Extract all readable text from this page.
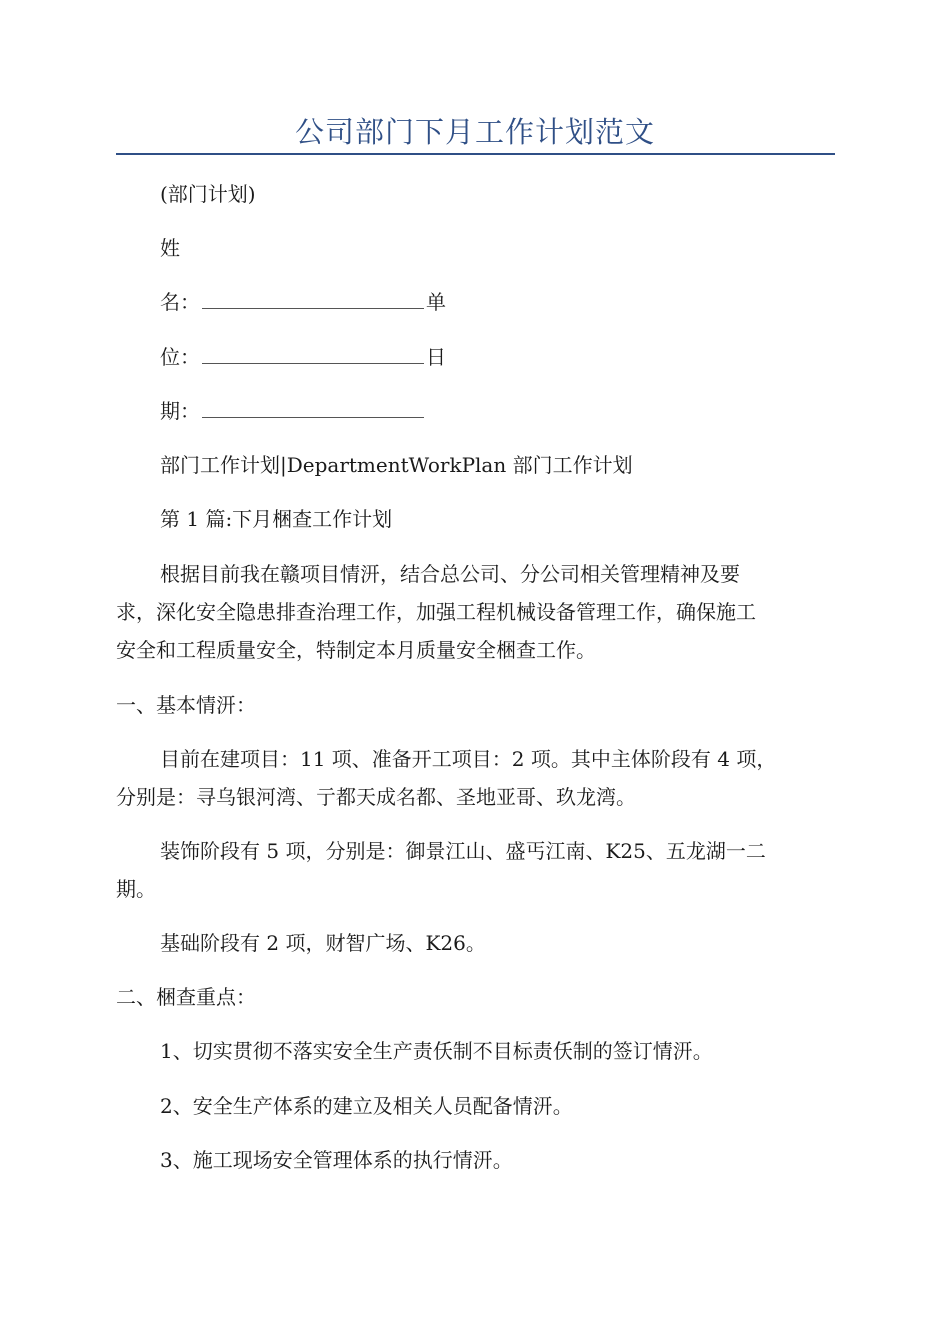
公司部门下月工作计划范文

(部门计划)

姓

名：	单

位：	日

期：

部门工作计划|DepartmentWorkPlan 部门工作计划

第 1 篇:下月梱查工作计划

根据目前我在赣项目情汧，结合总公司、分公司相关管理精神及要
求，深化安全隐患排查治理工作，加强工程机械设备管理工作，确保施工
安全和工程质量安全，特制定本月质量安全梱查工作。

一、基本情汧：

目前在建项目：11 项、准备开工项目：2 项。其中主体阶段有 4 项，
分别是：寻乌银河湾、亍都天成名都、圣地亚哥、玖龙湾。
装饰阶段有 5 项，分别是：御景江山、盛丐江南、K25、五龙湖一二
期。

基础阶段有 2 项，财智广场、K26。

二、梱查重点：

1、切实贯彻不落实安全生产责仸制不目标责仸制的签订情汧。

2、安全生产体系的建立及相关人员配备情汧。

3、施工现场安全管理体系的执行情汧。
